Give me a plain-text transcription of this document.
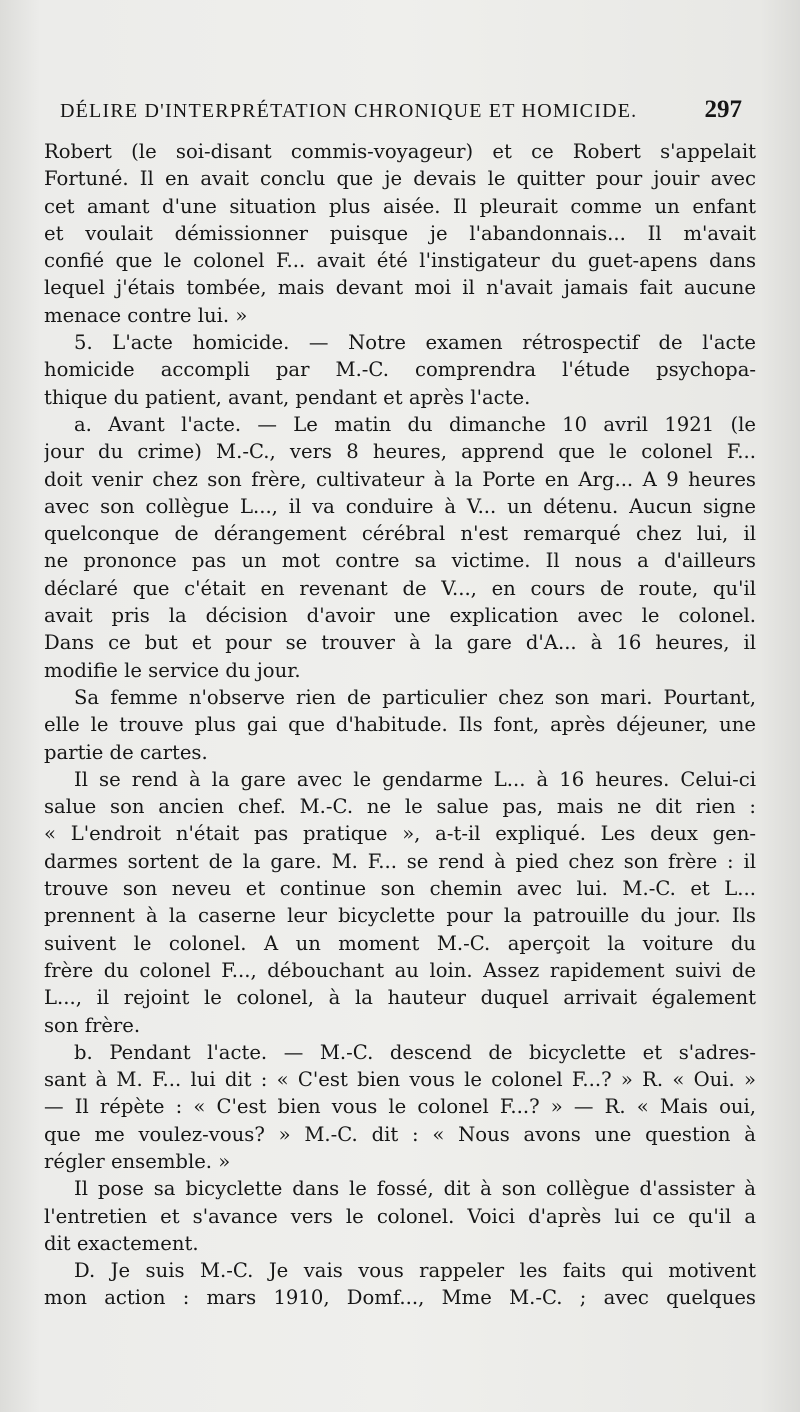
DÉLIRE D'INTERPRÉTATION CHRONIQUE ET HOMICIDE.	297
Robert (le soi-disant commis-voyageur) et ce Robert s'appelait
Fortuné. Il en avait conclu que je devais le quitter pour jouir avec
cet amant d'une situation plus aisée. Il pleurait comme un enfant
et voulait démissionner puisque je l'abandonnais... Il m'avait
confié que le colonel F... avait été l'instigateur du guet-apens dans
lequel j'étais tombée, mais devant moi il n'avait jamais fait aucune
menace contre lui. »
5. L'acte homicide. — Notre examen rétrospectif de l'acte
homicide accompli par M.-C. comprendra l'étude psychopa-
thique du patient, avant, pendant et après l'acte.
a. Avant l'acte. — Le matin du dimanche 10 avril 1921 (le
jour du crime) M.-C., vers 8 heures, apprend que le colonel F...
doit venir chez son frère, cultivateur à la Porte en Arg... A 9 heures
avec son collègue L..., il va conduire à V... un détenu. Aucun signe
quelconque de dérangement cérébral n'est remarqué chez lui, il
ne prononce pas un mot contre sa victime. Il nous a d'ailleurs
déclaré que c'était en revenant de V..., en cours de route, qu'il
avait pris la décision d'avoir une explication avec le colonel.
Dans ce but et pour se trouver à la gare d'A... à 16 heures, il
modifie le service du jour.
Sa femme n'observe rien de particulier chez son mari. Pourtant,
elle le trouve plus gai que d'habitude. Ils font, après déjeuner, une
partie de cartes.
Il se rend à la gare avec le gendarme L... à 16 heures. Celui-ci
salue son ancien chef. M.-C. ne le salue pas, mais ne dit rien :
« L'endroit n'était pas pratique », a-t-il expliqué. Les deux gen-
darmes sortent de la gare. M. F... se rend à pied chez son frère : il
trouve son neveu et continue son chemin avec lui. M.-C. et L...
prennent à la caserne leur bicyclette pour la patrouille du jour. Ils
suivent le colonel. A un moment M.-C. aperçoit la voiture du
frère du colonel F..., débouchant au loin. Assez rapidement suivi de
L..., il rejoint le colonel, à la hauteur duquel arrivait également
son frère.
b. Pendant l'acte. — M.-C. descend de bicyclette et s'adres-
sant à M. F... lui dit : « C'est bien vous le colonel F...? » R. « Oui. »
— Il répète : « C'est bien vous le colonel F...? » — R. « Mais oui,
que me voulez-vous? » M.-C. dit : « Nous avons une question à
régler ensemble. »
Il pose sa bicyclette dans le fossé, dit à son collègue d'assister à
l'entretien et s'avance vers le colonel. Voici d'après lui ce qu'il a
dit exactement.
D. Je suis M.-C. Je vais vous rappeler les faits qui motivent
mon action : mars 1910, Domf..., Mme M.-C. ; avec quelques
